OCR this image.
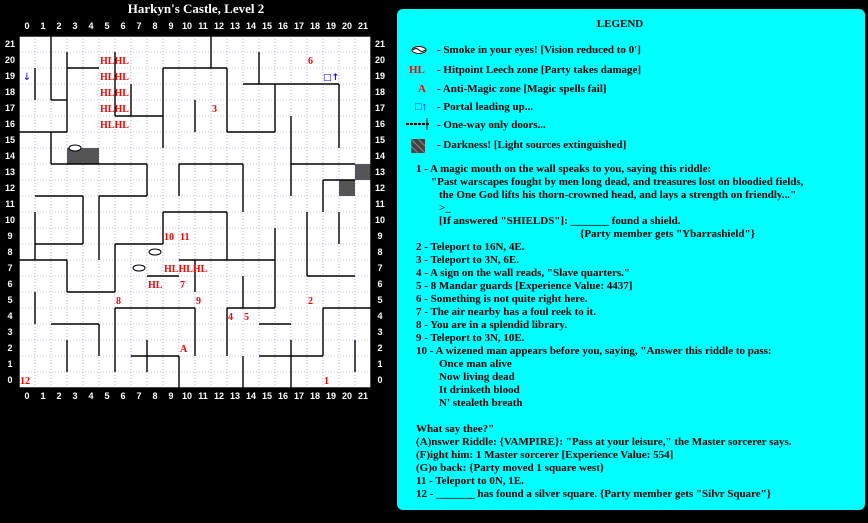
Harkyn's Castle, Level 2
0
0
1
1
2
2
3
3
4
4
5
5
6
6
7
7
8
8
9
9
10
10
11
11
12
12
13
13
14
14
15
15
16
16
17
17
18
18
19
19
20
20
21
21
21	21
20	20
19	19
18	18
17	17
16	16
15	15
14	14
13	13
12	12
11	11
10	10
9	9
8	8
7	7
6	6
5	5
4	4
3	3
2	2
1	1
0	0
□↑
↓
HLHL
HLHL
HLHL
HLHL
HLHL
6
3
10 11
HLHLHL
HL 7
8	9	2
4 5
A
12	1
LEGEND
HL
A
□↑
- Smoke in your eyes! [Vision reduced to 0']
- Hitpoint Leech zone [Party takes damage]
- Anti-Magic zone [Magic spells fail]
- Portal leading up...
- One-way only doors...
- Darkness! [Light sources extinguished]
1 - A magic mouth on the wall speaks to you, saying this riddle:
"Past warscapes fought by men long dead, and treasures lost on bloodied fields,
the One God lifts his thorn-crowned head, and lays a strength on friendly..."
>_
[If answered "SHIELDS"]: _______ found a shield.
{Party member gets "Ybarrashield"}
2 - Teleport to 16N, 4E.
3 - Teleport to 3N, 6E.
4 - A sign on the wall reads, "Slave quarters."
5 - 8 Mandar guards [Experience Value: 4437]
6 - Something is not quite right here.
7 - The air nearby has a foul reek to it.
8 - You are in a splendid library.
9 - Teleport to 3N, 10E.
10 - A wizened man appears before you, saying, "Answer this riddle to pass:
Once man alive
Now living dead
It drinketh blood
N' stealeth breath
What say thee?"
(A)nswer Riddle: {VAMPIRE}: "Pass at your leisure," the Master sorcerer says.
(F)ight him: 1 Master sorcerer [Experience Value: 554]
(G)o back: {Party moved 1 square west}
11 - Teleport to 0N, 1E.
12 - _______ has found a silver square. {Party member gets "Silvr Square"}
